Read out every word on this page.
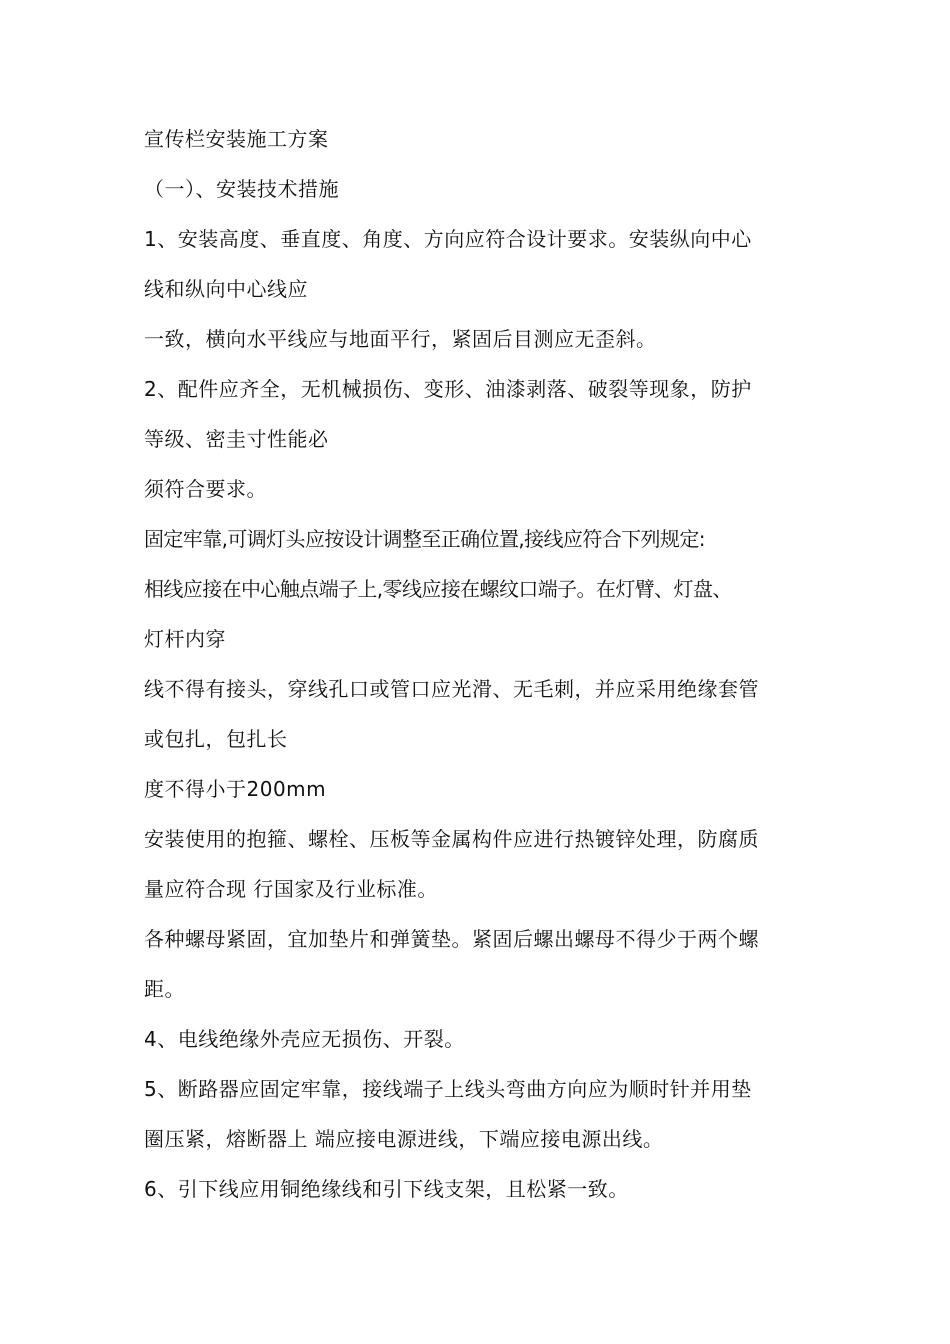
宣传栏安装施工方案
（一）、安装技术措施
1、安装高度、垂直度、角度、方向应符合设计要求。安装纵向中心
线和纵向中心线应
一致，横向水平线应与地面平行，紧固后目测应无歪斜。
2、配件应齐全，无机械损伤、变形、油漆剥落、破裂等现象，防护
等级、密圭寸性能必
须符合要求。
固定牢靠,可调灯头应按设计调整至正确位置,接线应符合下列规定:
相线应接在中心触点端子上,零线应接在螺纹口端子。在灯臂、灯盘、
灯杆内穿
线不得有接头，穿线孔口或管口应光滑、无毛刺，并应采用绝缘套管
或包扎，包扎长
度不得小于200mm
安装使用的抱箍、螺栓、压板等金属构件应进行热镀锌处理，防腐质
量应符合现 行国家及行业标准。
各种螺母紧固，宜加垫片和弹簧垫。紧固后螺出螺母不得少于两个螺
距。
4、电线绝缘外壳应无损伤、开裂。
5、断路器应固定牢靠，接线端子上线头弯曲方向应为顺时针并用垫
圈压紧，熔断器上 端应接电源进线，下端应接电源出线。
6、引下线应用铜绝缘线和引下线支架，且松紧一致。
